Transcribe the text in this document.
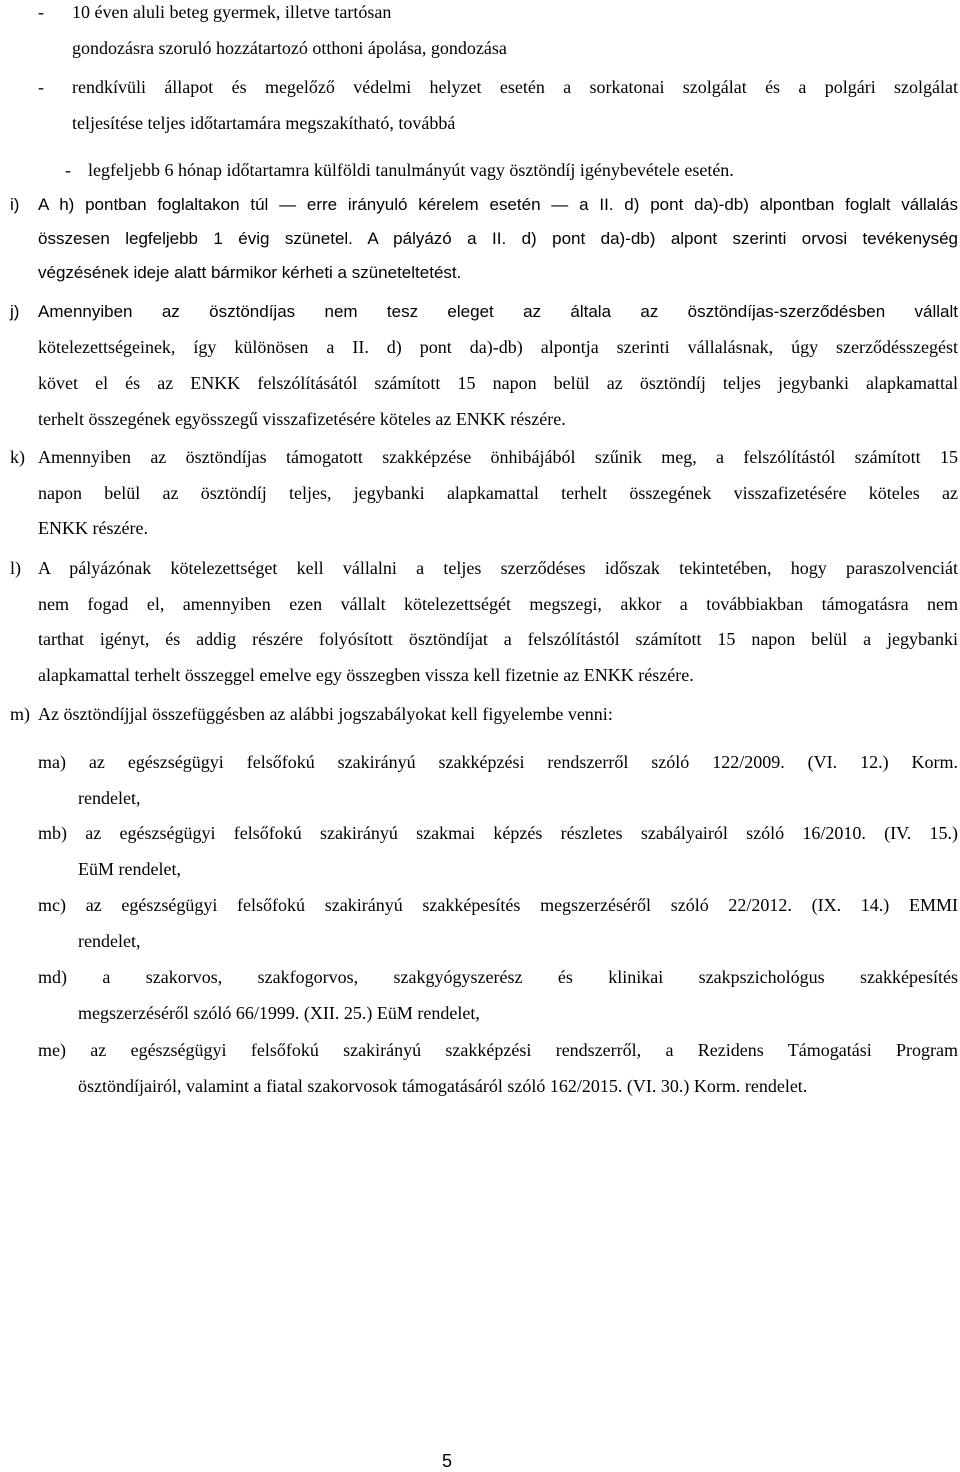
- 10 éven aluli beteg gyermek, illetve tartósan
gondozásra szoruló hozzátartozó otthoni ápolása, gondozása
- rendkívüli állapot és megelőző védelmi helyzet esetén a sorkatonai szolgálat és a polgári szolgálat
teljesítése teljes időtartamára megszakítható, továbbá
- legfeljebb 6 hónap időtartamra külföldi tanulmányút vagy ösztöndíj igénybevétele esetén.
i) A h) pontban foglaltakon túl ― erre irányuló kérelem esetén ― a II. d) pont da)-db) alpontban foglalt vállalás
összesen legfeljebb 1 évig szünetel. A pályázó a II. d) pont da)-db) alpont szerinti orvosi tevékenység
végzésének ideje alatt bármikor kérheti a szüneteltetést.
j) Amennyiben az ösztöndíjas nem tesz eleget az általa az ösztöndíjas-szerződésben vállalt
kötelezettségeinek, így különösen a II. d) pont da)-db) alpontja szerinti vállalásnak, úgy szerződésszegést
követ el és az ENKK felszólításától számított 15 napon belül az ösztöndíj teljes jegybanki alapkamattal
terhelt összegének egyösszegű visszafizetésére köteles az ENKK részére.
k) Amennyiben az ösztöndíjas támogatott szakképzése önhibájából szűnik meg, a felszólítástól számított 15
napon belül az ösztöndíj teljes, jegybanki alapkamattal terhelt összegének visszafizetésére köteles az
ENKK részére.
l) A pályázónak kötelezettséget kell vállalni a teljes szerződéses időszak tekintetében, hogy paraszolvenciát
nem fogad el, amennyiben ezen vállalt kötelezettségét megszegi, akkor a továbbiakban támogatásra nem
tarthat igényt, és addig részére folyósított ösztöndíjat a felszólítástól számított 15 napon belül a jegybanki
alapkamattal terhelt összeggel emelve egy összegben vissza kell fizetnie az ENKK részére.
m) Az ösztöndíjjal összefüggésben az alábbi jogszabályokat kell figyelembe venni:
ma) az egészségügyi felsőfokú szakirányú szakképzési rendszerről szóló 122/2009. (VI. 12.) Korm.
rendelet,
mb) az egészségügyi felsőfokú szakirányú szakmai képzés részletes szabályairól szóló 16/2010. (IV. 15.)
EüM rendelet,
mc) az egészségügyi felsőfokú szakirányú szakképesítés megszerzéséről szóló 22/2012. (IX. 14.) EMMI
rendelet,
md) a szakorvos, szakfogorvos, szakgyógyszerész és klinikai szakpszichológus szakképesítés
megszerzéséről szóló 66/1999. (XII. 25.) EüM rendelet,
me) az egészségügyi felsőfokú szakirányú szakképzési rendszerről, a Rezidens Támogatási Program
ösztöndíjairól, valamint a fiatal szakorvosok támogatásáról szóló 162/2015. (VI. 30.) Korm. rendelet.
5
